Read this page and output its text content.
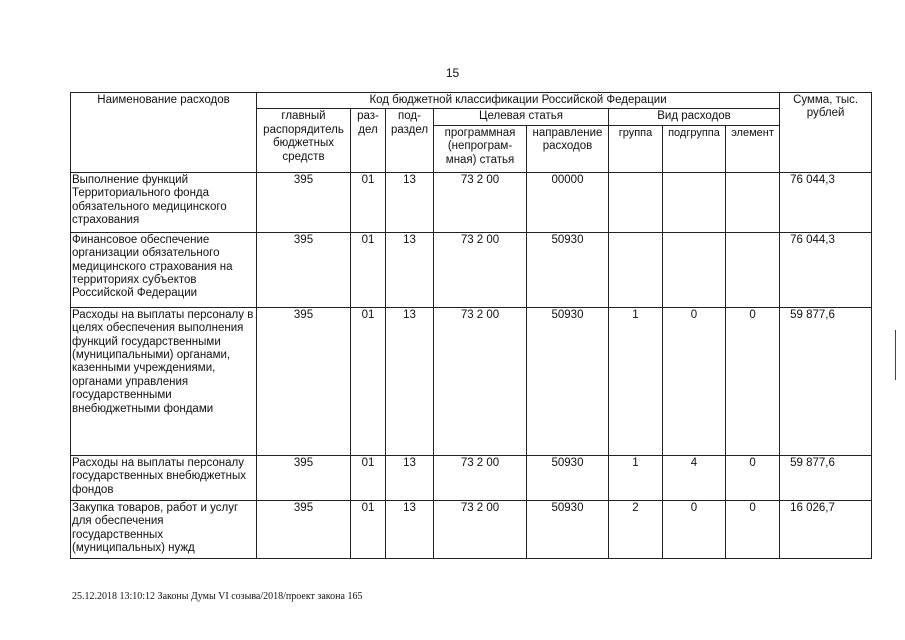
15
Наименование расходов	Код бюджетной классификации Российской Федерации								Сумма, тыс. рублей
	главный распорядитель бюджетных средств	раз-дел	под-раздел	Целевая статья		Вид расходов			
				программная (непрограм-мная) статья	направление расходов	группа	подгруппа	элемент	
Выполнение функций Территориального фонда обязательного медицинского страхования	395	01	13	73 2 00	00000				76 044,3
Финансовое обеспечение организации обязательного медицинского страхования на территориях субъектов Российской Федерации	395	01	13	73 2 00	50930				76 044,3
Расходы на выплаты персоналу в целях обеспечения выполнения функций государственными (муниципальными) органами, казенными учреждениями, органами управления государственными внебюджетными фондами	395	01	13	73 2 00	50930	1	0	0	59 877,6
Расходы на выплаты персоналу государственных внебюджетных фондов	395	01	13	73 2 00	50930	1	4	0	59 877,6
Закупка товаров, работ и услуг для обеспечения государственных (муниципальных) нужд	395	01	13	73 2 00	50930	2	0	0	16 026,7
25.12.2018 13:10:12 Законы Думы VI созыва/2018/проект закона 165
